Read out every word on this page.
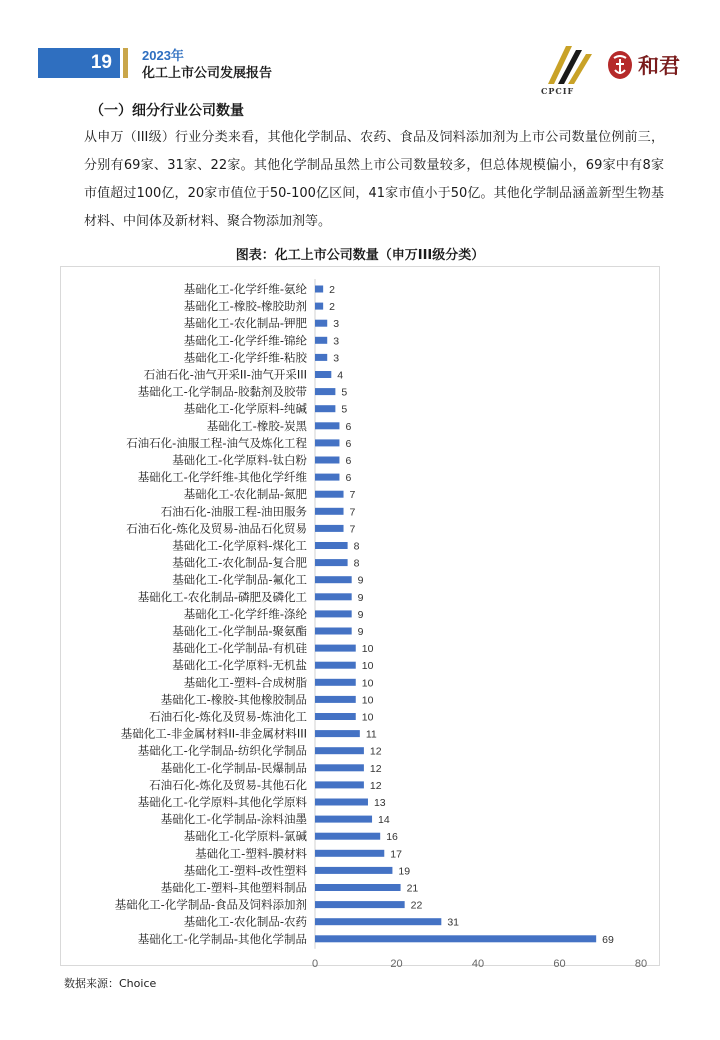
19	2023年
化工上市公司发展报告
CPCIF
和君
（一）细分行业公司数量
从申万（III级）行业分类来看，其他化学制品、农药、食品及饲料添加剂为上市公司数量位例前三，分别有69家、31家、22家。其他化学制品虽然上市公司数量较多，但总体规模偏小，69家中有8家市值超过100亿，20家市值位于50-100亿区间，41家市值小于50亿。其他化学制品涵盖新型生物基材料、中间体及新材料、聚合物添加剂等。
图表：化工上市公司数量（申万III级分类）
基础化工-化学纤维-氨纶 2
基础化工-橡胶-橡胶助剂 2
基础化工-农化制品-钾肥 3
基础化工-化学纤维-锦纶 3
基础化工-化学纤维-粘胶 3
石油石化-油气开采II-油气开采III	4
基础化工-化学制品-胶黏剂及胶带	5
基础化工-化学原料-纯碱	5
基础化工-橡胶-炭黑	6
石油石化-油服工程-油气及炼化工程	6
基础化工-化学原料-钛白粉	6
基础化工-化学纤维-其他化学纤维	6
基础化工-农化制品-氮肥	7
石油石化-油服工程-油田服务	7
石油石化-炼化及贸易-油品石化贸易	7
基础化工-化学原料-煤化工	8
基础化工-农化制品-复合肥	8
基础化工-化学制品-氟化工	9
基础化工-农化制品-磷肥及磷化工	9
基础化工-化学纤维-涤纶	9
基础化工-化学制品-聚氨酯	9
基础化工-化学制品-有机硅	10
基础化工-化学原料-无机盐	10
基础化工-塑料-合成树脂	10
基础化工-橡胶-其他橡胶制品	10
石油石化-炼化及贸易-炼油化工	10
基础化工-非金属材料II-非金属材料III	11
基础化工-化学制品-纺织化学制品	12
基础化工-化学制品-民爆制品	12
石油石化-炼化及贸易-其他石化	12
基础化工-化学原料-其他化学原料	13
基础化工-化学制品-涂料油墨	14
基础化工-化学原料-氯碱	16
基础化工-塑料-膜材料	17
基础化工-塑料-改性塑料	19
基础化工-塑料-其他塑料制品	21
基础化工-化学制品-食品及饲料添加剂	22
基础化工-农化制品-农药	31
基础化工-化学制品-其他化学制品	69
0	20	40	60	80
数据来源：Choice
